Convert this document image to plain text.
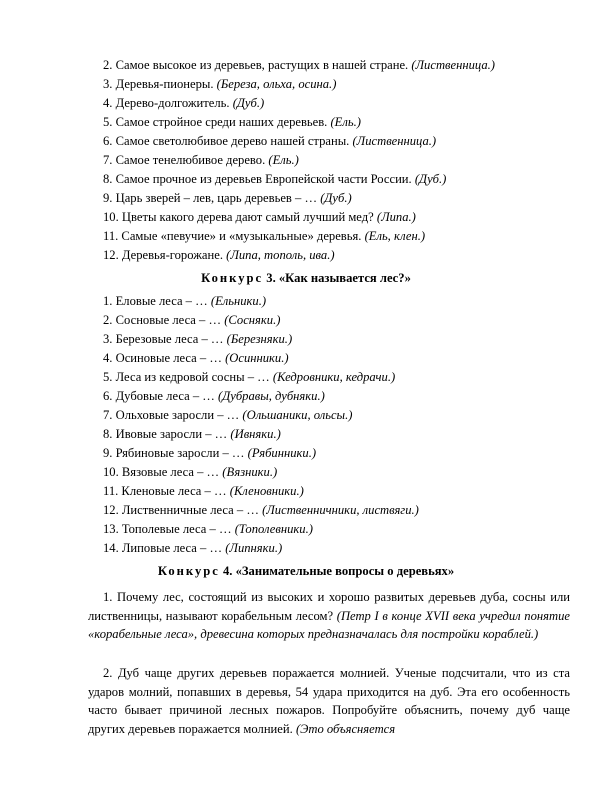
2. Самое высокое из деревьев, растущих в нашей стране. (Лиственница.)
3. Деревья-пионеры. (Береза, ольха, осина.)
4. Дерево-долгожитель. (Дуб.)
5. Самое стройное среди наших деревьев. (Ель.)
6. Самое светолюбивое дерево нашей страны. (Лиственница.)
7. Самое тенелюбивое дерево. (Ель.)
8. Самое прочное из деревьев Европейской части России. (Дуб.)
9. Царь зверей – лев, царь деревьев – … (Дуб.)
10. Цветы какого дерева дают самый лучший мед? (Липа.)
11. Самые «певучие» и «музыкальные» деревья. (Ель, клен.)
12. Деревья-горожане. (Липа, тополь, ива.)
Конкурс 3. «Как называется лес?»
1. Еловые леса – … (Ельники.)
2. Сосновые леса – … (Сосняки.)
3. Березовые леса – … (Березняки.)
4. Осиновые леса – … (Осинники.)
5. Леса из кедровой сосны – … (Кедровники, кедрачи.)
6. Дубовые леса – … (Дубравы, дубняки.)
7. Ольховые заросли – … (Ольшаники, ольсы.)
8. Ивовые заросли – … (Ивняки.)
9. Рябиновые заросли – … (Рябинники.)
10. Вязовые леса – … (Вязники.)
11. Кленовые леса – … (Кленовники.)
12. Лиственничные леса – … (Лиственничники, листвяги.)
13. Тополевые леса – … (Тополевники.)
14. Липовые леса – … (Липняки.)
Конкурс 4. «Занимательные вопросы о деревьях»
1. Почему лес, состоящий из высоких и хорошо развитых деревьев дуба, сосны или лиственницы, называют корабельным лесом? (Петр I в конце XVII века учредил понятие «корабельные леса», древесина которых предназначалась для постройки кораблей.)
2. Дуб чаще других деревьев поражается молнией. Ученые подсчитали, что из ста ударов молний, попавших в деревья, 54 удара приходится на дуб. Эта его особенность часто бывает причиной лесных пожаров. Попробуйте объяснить, почему дуб чаще других деревьев поражается молнией. (Это объясняется
